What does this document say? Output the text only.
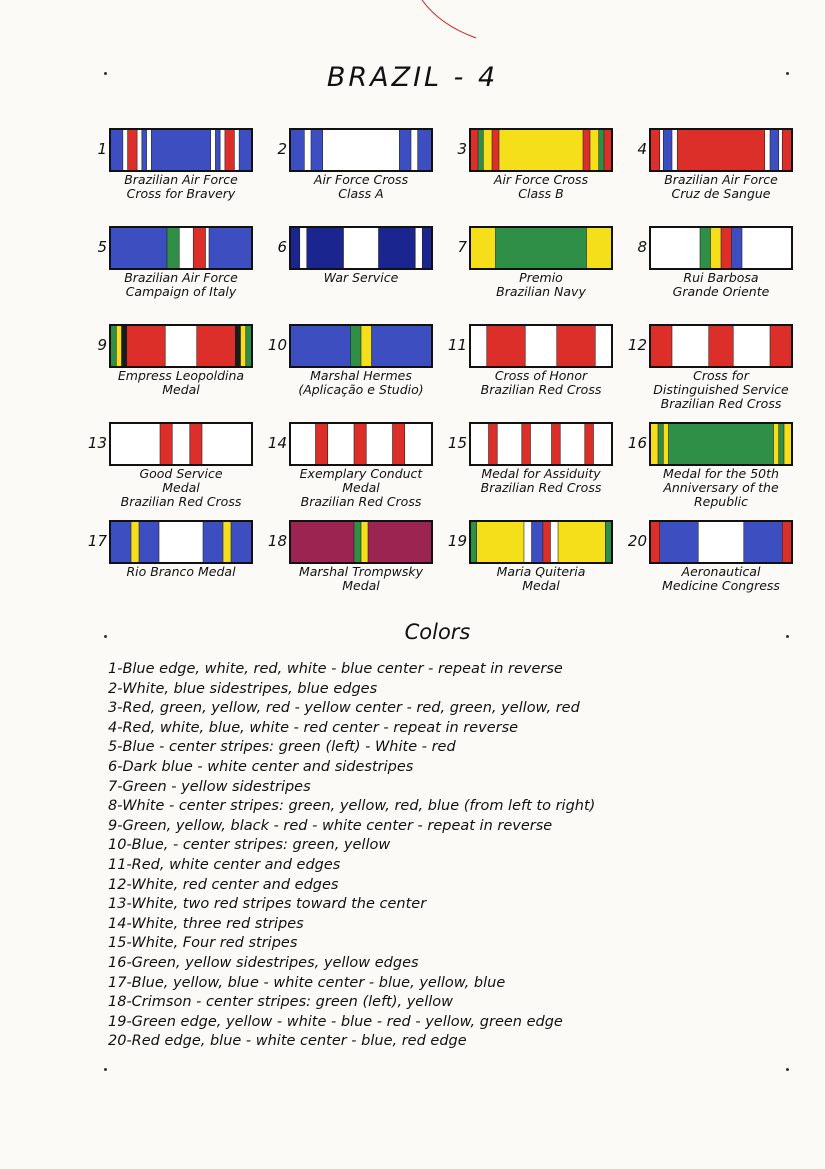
BRAZIL - 4
1
Brazilian Air Force
Cross for Bravery
2
Air Force Cross
Class A
3
Air Force Cross
Class B
4
Brazilian Air Force
Cruz de Sangue
5
Brazilian Air Force
Campaign of Italy
6
War Service
7
Premio
Brazilian Navy
8
Rui Barbosa
Grande Oriente
9
Empress Leopoldina
Medal
10
Marshal Hermes
(Aplicação e Studio)
11
Cross of Honor
Brazilian Red Cross
12
Cross for
Distinguished Service
Brazilian Red Cross
13
Good Service
Medal
Brazilian Red Cross
14
Exemplary Conduct
Medal
Brazilian Red Cross
15
Medal for Assiduity
Brazilian Red Cross
16
Medal for the 50th
Anniversary of the
Republic
17
Rio Branco Medal
18
Marshal Trompwsky
Medal
19
Maria Quiteria
Medal
20
Aeronautical
Medicine Congress
Colors
1-Blue edge, white, red, white - blue center - repeat in reverse
2-White, blue sidestripes, blue edges
3-Red, green, yellow, red - yellow center - red, green, yellow, red
4-Red, white, blue, white - red center - repeat in reverse
5-Blue - center stripes: green (left) - White - red
6-Dark blue - white center and sidestripes
7-Green - yellow sidestripes
8-White - center stripes: green, yellow, red, blue (from left to right)
9-Green, yellow, black - red - white center - repeat in reverse
10-Blue, - center stripes: green, yellow
11-Red, white center and edges
12-White, red center and edges
13-White, two red stripes toward the center
14-White, three red stripes
15-White, Four red stripes
16-Green, yellow sidestripes, yellow edges
17-Blue, yellow, blue - white center - blue, yellow, blue
18-Crimson - center stripes: green (left), yellow
19-Green edge, yellow - white - blue - red - yellow, green edge
20-Red edge, blue - white center - blue, red edge
